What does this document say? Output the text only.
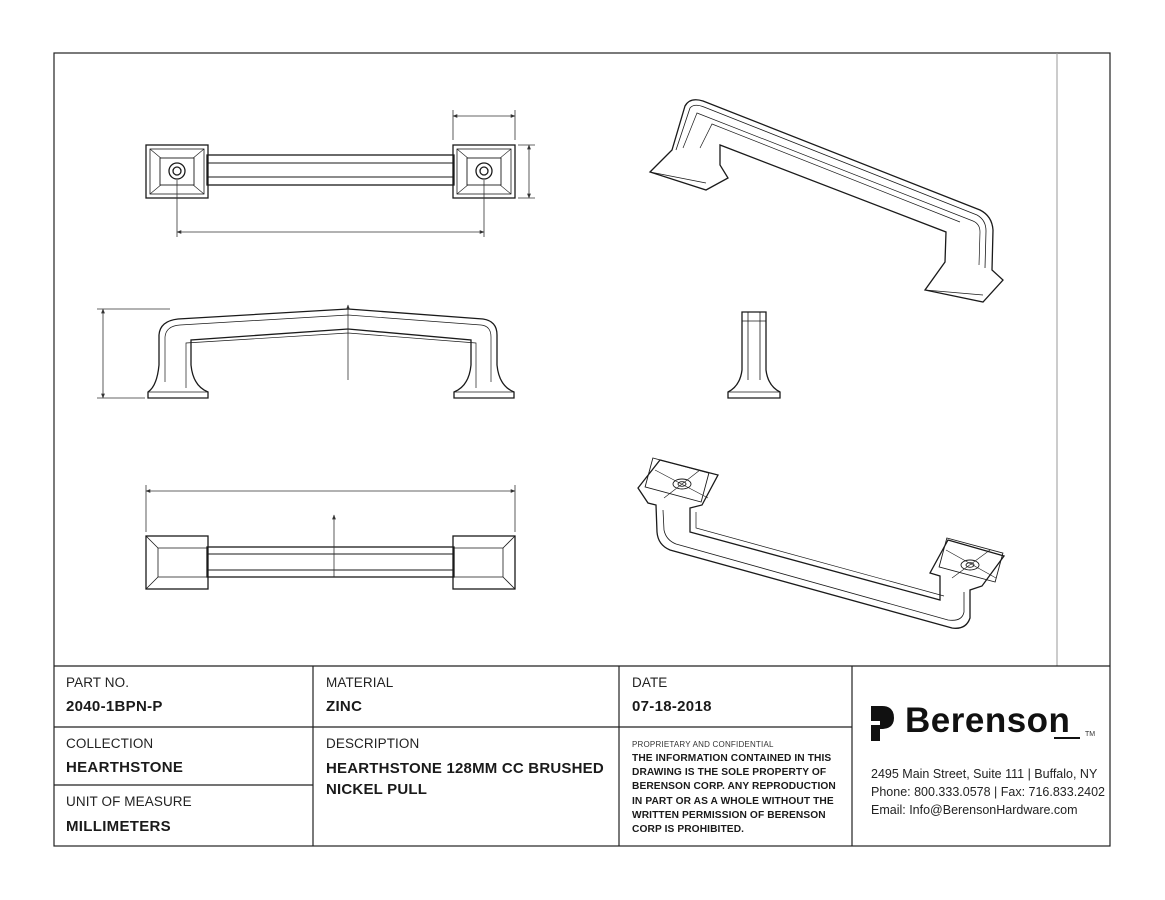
PART NO.
2040-1BPN-P
MATERIAL
ZINC
DATE
07-18-2018
COLLECTION
HEARTHSTONE
DESCRIPTION
HEARTHSTONE 128MM CC BRUSHED NICKEL PULL
UNIT OF MEASURE
MILLIMETERS
PROPRIETARY AND CONFIDENTIAL
THE INFORMATION CONTAINED IN THIS DRAWING IS THE SOLE PROPERTY OF BERENSON CORP. ANY REPRODUCTION IN PART OR AS A WHOLE WITHOUT THE WRITTEN PERMISSION OF BERENSON CORP IS PROHIBITED.
Berenson TM
2495 Main Street, Suite 111 | Buffalo, NY
Phone: 800.333.0578 | Fax: 716.833.2402
Email: Info@BerensonHardware.com
